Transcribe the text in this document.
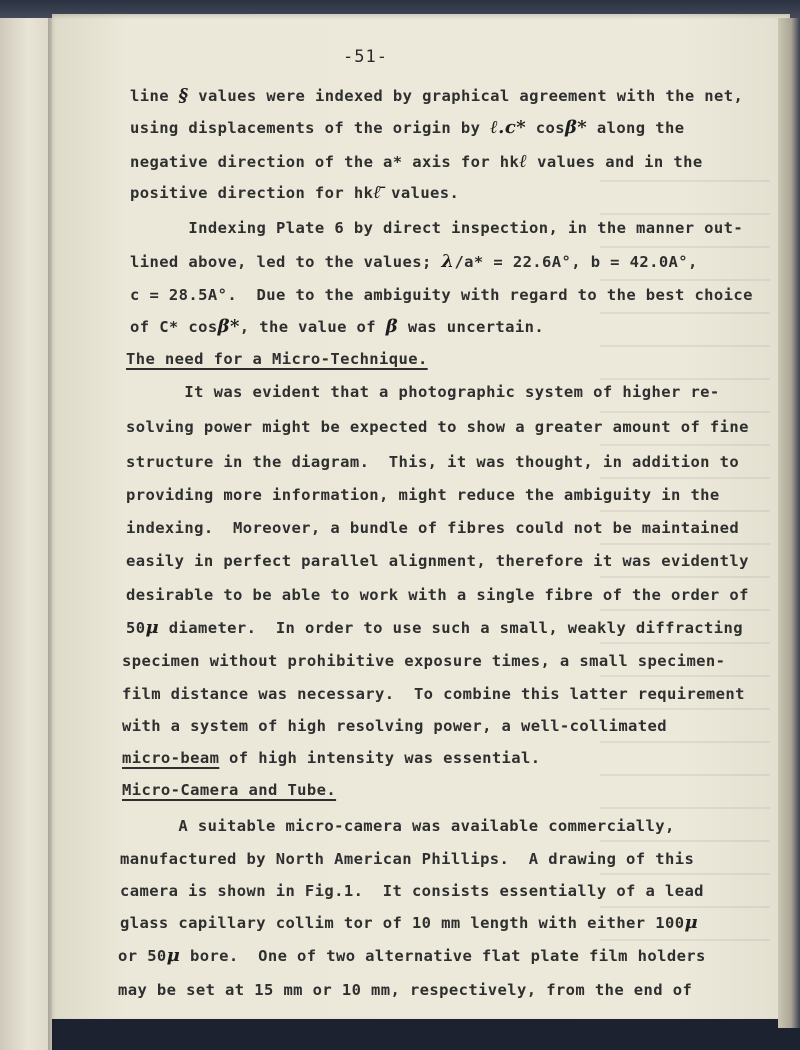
-51-
line § values were indexed by graphical agreement with the net,
using displacements of the origin by ℓ.c* cosβ* along the
negative direction of the a* axis for hkℓ values and in the
positive direction for hkℓ̄ values.
Indexing Plate 6 by direct inspection, in the manner out-
lined above, led to the values; λ/a* = 22.6A°, b = 42.0A°,
c = 28.5A°.  Due to the ambiguity with regard to the best choice
of C* cosβ*, the value of β was uncertain.
The need for a Micro-Technique.
It was evident that a photographic system of higher re-
solving power might be expected to show a greater amount of fine
structure in the diagram.  This, it was thought, in addition to
providing more information, might reduce the ambiguity in the
indexing.  Moreover, a bundle of fibres could not be maintained
easily in perfect parallel alignment, therefore it was evidently
desirable to be able to work with a single fibre of the order of
50μ diameter.  In order to use such a small, weakly diffracting
specimen without prohibitive exposure times, a small specimen-
film distance was necessary.  To combine this latter requirement
with a system of high resolving power, a well-collimated
micro-beam of high intensity was essential.
Micro-Camera and Tube.
A suitable micro-camera was available commercially,
manufactured by North American Phillips.  A drawing of this
camera is shown in Fig.1.  It consists essentially of a lead
glass capillary collim tor of 10 mm length with either 100μ
or 50μ bore.  One of two alternative flat plate film holders
may be set at 15 mm or 10 mm, respectively, from the end of
